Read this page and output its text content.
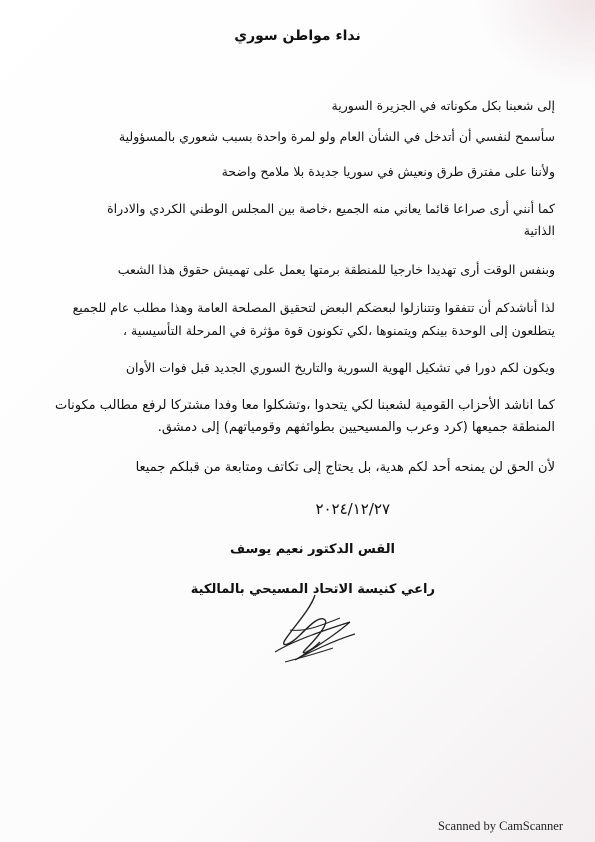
نداء مواطن سوري
إلى شعبنا بكل مكوناته في الجزيرة السورية
سأسمح لنفسي أن أتدخل في الشأن العام ولو لمرة واحدة بسبب شعوري بالمسؤولية
ولأننا على مفترق طرق ونعيش في سوريا جديدة بلا ملامح واضحة
كما أنني أرى صراعا قائما يعاني منه الجميع ،خاصة بين المجلس الوطني الكردي والادراة
الذاتية
وبنفس الوقت أرى تهديدا خارجيا للمنطقة برمتها يعمل على تهميش حقوق هذا الشعب
لذا أناشدكم أن تتفقوا وتتنازلوا لبعضكم البعض لتحقيق المصلحة العامة وهذا مطلب عام للجميع
يتطلعون إلى الوحدة بينكم ويتمنوها ،لكي تكونون قوة مؤثرة في المرحلة التأسيسية ،
ويكون لكم دورا في تشكيل الهوية السورية والتاريخ السوري الجديد قبل فوات الأوان
كما اناشد الأحزاب القومية لشعبنا لكي يتحدوا ،وتشكلوا معا وفدا مشتركا لرفع مطالب مكونات
المنطقة جميعها (كرد وعرب والمسيحيين بطوائفهم وقومياتهم) إلى دمشق.
لأن الحق لن يمنحه أحد لكم هدية، بل يحتاج إلى تكاتف ومتابعة من قبلكم جميعا
٢٠٢٤/١٢/٢٧
القس الدكتور نعيم يوسف
راعي كنيسة الاتحاد المسيحي بالمالكية
Scanned by CamScanner
